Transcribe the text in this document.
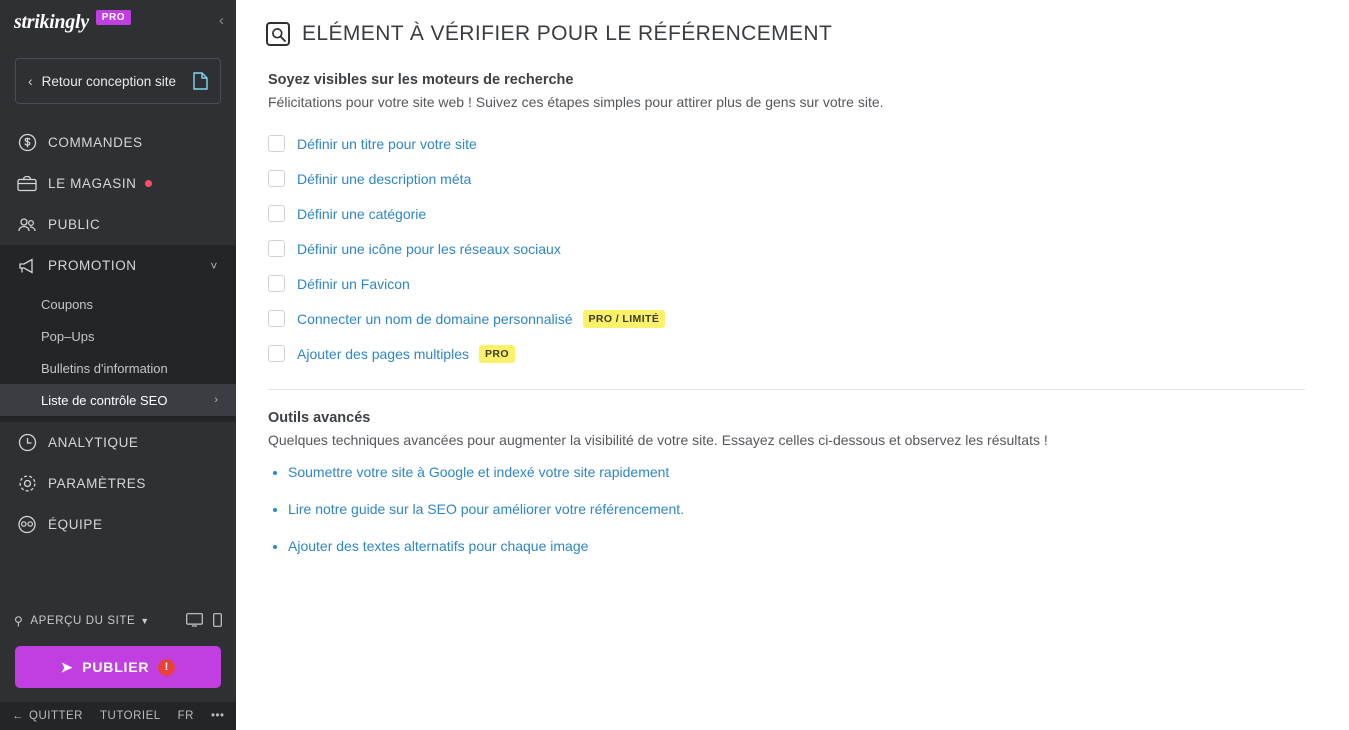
strikingly	PRO	‹
‹ Retour conception site
COMMANDES
LE MAGASIN
PUBLIC
PROMOTION	˅
Coupons
Pop–Ups
Bulletins d'information
Liste de contrôle SEO	›
ANALYTIQUE
PARAMÈTRES
ÉQUIPE
⚲ APERÇU DU SITE ▼
➤ PUBLIER	!
← QUITTER TUTORIEL FR •••
ELÉMENT À VÉRIFIER POUR LE RÉFÉRENCEMENT
Soyez visibles sur les moteurs de recherche
Félicitations pour votre site web ! Suivez ces étapes simples pour attirer plus de gens sur votre site.
Définir un titre pour votre site
Définir une description méta
Définir une catégorie
Définir une icône pour les réseaux sociaux
Définir un Favicon
Connecter un nom de domaine personnalisé	PRO / LIMITÉ
Ajouter des pages multiples	PRO
Outils avancés
Quelques techniques avancées pour augmenter la visibilité de votre site. Essayez celles ci-dessous et observez les résultats !
• Soumettre votre site à Google et indexé votre site rapidement
• Lire notre guide sur la SEO pour améliorer votre référencement.
• Ajouter des textes alternatifs pour chaque image
